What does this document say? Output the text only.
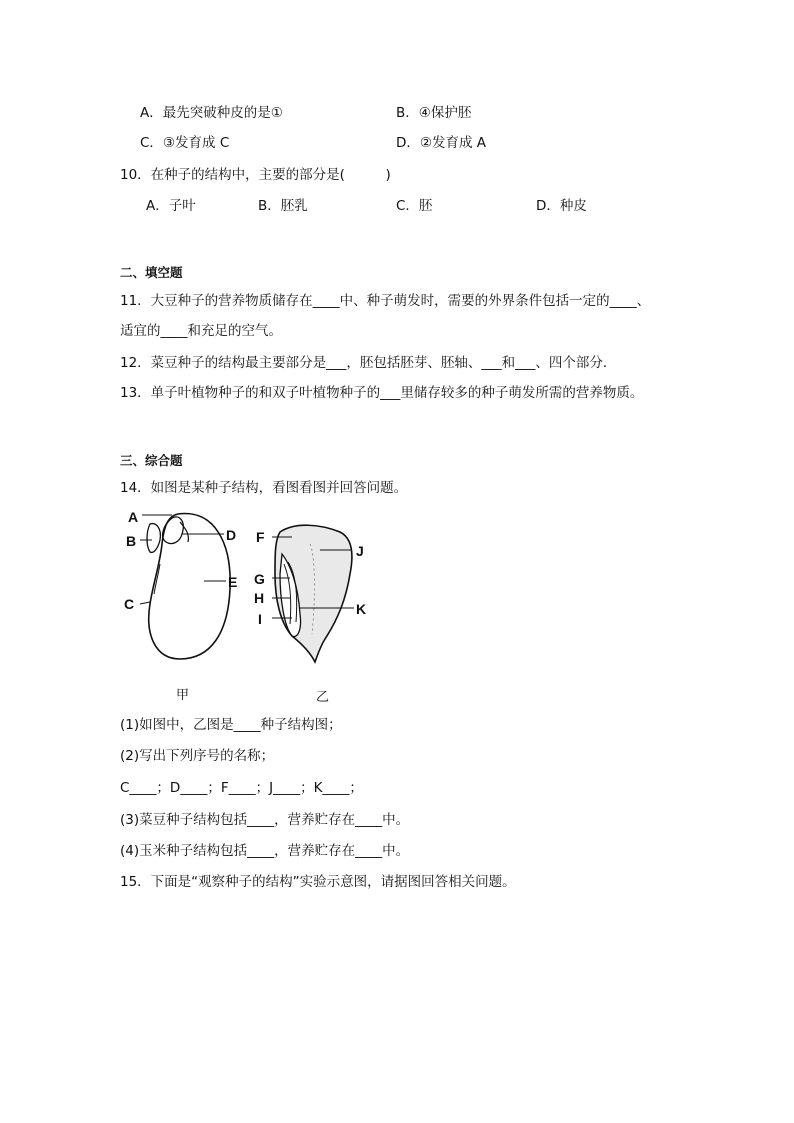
A．最先突破种皮的是①	B．④保护胚
C．③发育成 C	D．②发育成 A
10．在种子的结构中，主要的部分是(　　　)
A．子叶	B．胚乳	C．胚	D．种皮
二、填空题
11．大豆种子的营养物质储存在____中、种子萌发时，需要的外界条件包括一定的____、
适宜的____和充足的空气。
12．菜豆种子的结构最主要部分是___，胚包括胚芽、胚轴、___和___、四个部分．
13．单子叶植物种子的和双子叶植物种子的___里储存较多的种子萌发所需的营养物质。
三、综合题
14．如图是某种子结构，看图看图并回答问题。
A
B
C
D
E
F
G
H
I
J
K
甲	乙
(1)如图中，乙图是____种子结构图；
(2)写出下列序号的名称；
C____；D____；F____；J____；K____；
(3)菜豆种子结构包括____，营养贮存在____中。
(4)玉米种子结构包括____，营养贮存在____中。
15．下面是“观察种子的结构”实验示意图，请据图回答相关问题。
